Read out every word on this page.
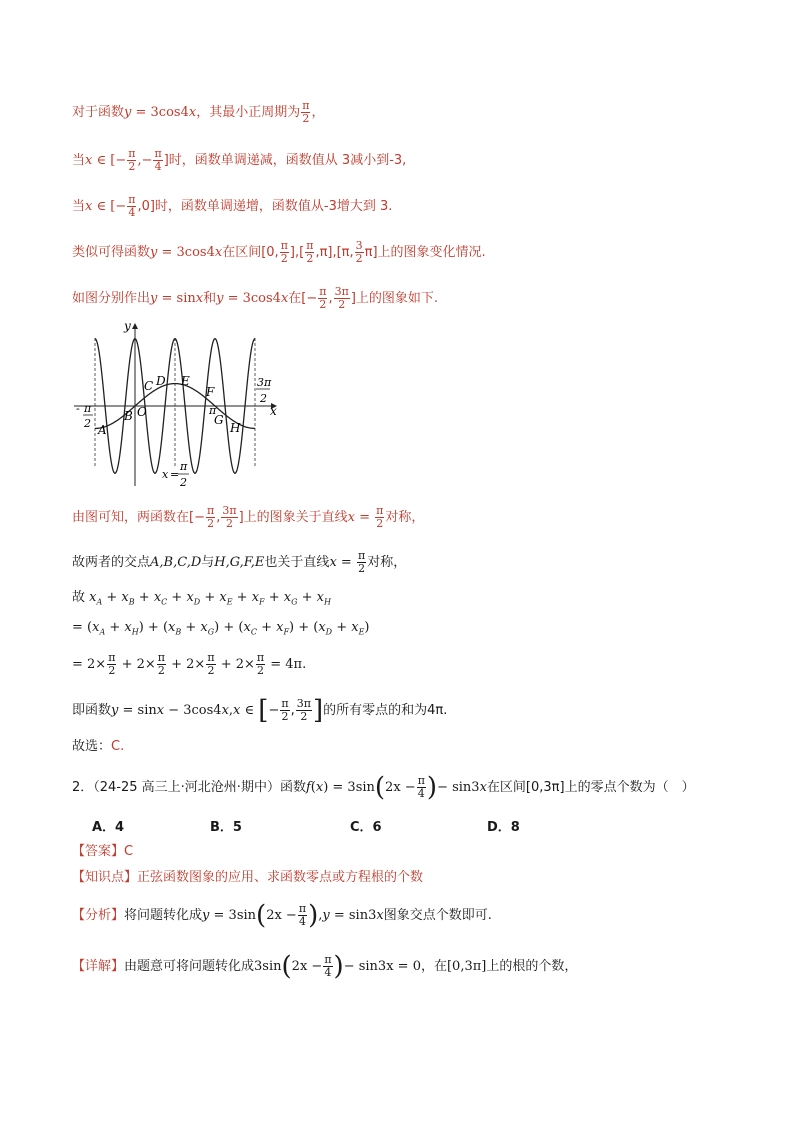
对于函数y = 3cos4x，其最小正周期为 $\frac{\pi}{2}$ ，
当x ∈ [− $\frac{\pi}{2}$ ,− $\frac{\pi}{4}$ ]时，函数单调递减，函数值从 3减小到-3,
当x ∈ [− $\frac{\pi}{4} ,0$]时，函数单调递增，函数值从-3增大到 3.
类似可得函数y = 3cos4x在区间[0, $\frac{\pi}{2}$ ],[ $\frac{\pi}{2} ,\pi],[\pi$, $\frac{3}{2} \pi$]上的图象变化情况.
如图分别作出y = sinx和y = 3cos4x在[− $\frac{\pi}{2}$ , $\frac{3\pi}{2}$ ]上的图象如下.
y
x
- π
2
3π
2
π
x =
π
2
A
B O
C D E
F
G
H
由图可知，两函数在[− $\frac{\pi}{2}$ , $\frac{3\pi}{2}$ ]上的图象关于直线$x = \frac{\pi}{2}$ 对称，
故两者的交点A,B,C,D与H,G,F,E也关于直线$x = \frac{\pi}{2}$ 对称，
故 $x_A + x_B + x_C + x_D + x_E + x_F + x_G + x_H$
= $(x_A + x_H) + (x_B + x_G) + (x_C + x_F) + (x_D + x_E)$
= $2\times \frac{\pi}{2} + 2\times \frac{\pi}{2} + 2\times \frac{\pi}{2} + 2\times \frac{\pi}{2} = 4\pi$.
即函数y = sinx − 3cos4x,x ∈ [− $\frac{\pi}{2}$ , $\frac{3\pi}{2}$ ]的所有零点的和为4π.
故选：C.
2．（24-25 高三上·河北沧州·期中）函数$f(x) = 3\sin(2x - \frac{\pi}{4}$ )− sin3x在区间[0,3π]上的零点个数为（　）
A．4	B．5	C．6	D．8
【答案】C
【知识点】正弦函数图象的应用、求函数零点或方程根的个数
【分析】将问题转化成$y = 3\sin(2x - \frac{\pi}{4} ),y = \sin 3x$图象交点个数即可.
【详解】由题意可将问题转化成$3\sin(2x - \frac{\pi}{4}$ )− sin3x = 0，在[0,3π]上的根的个数，
